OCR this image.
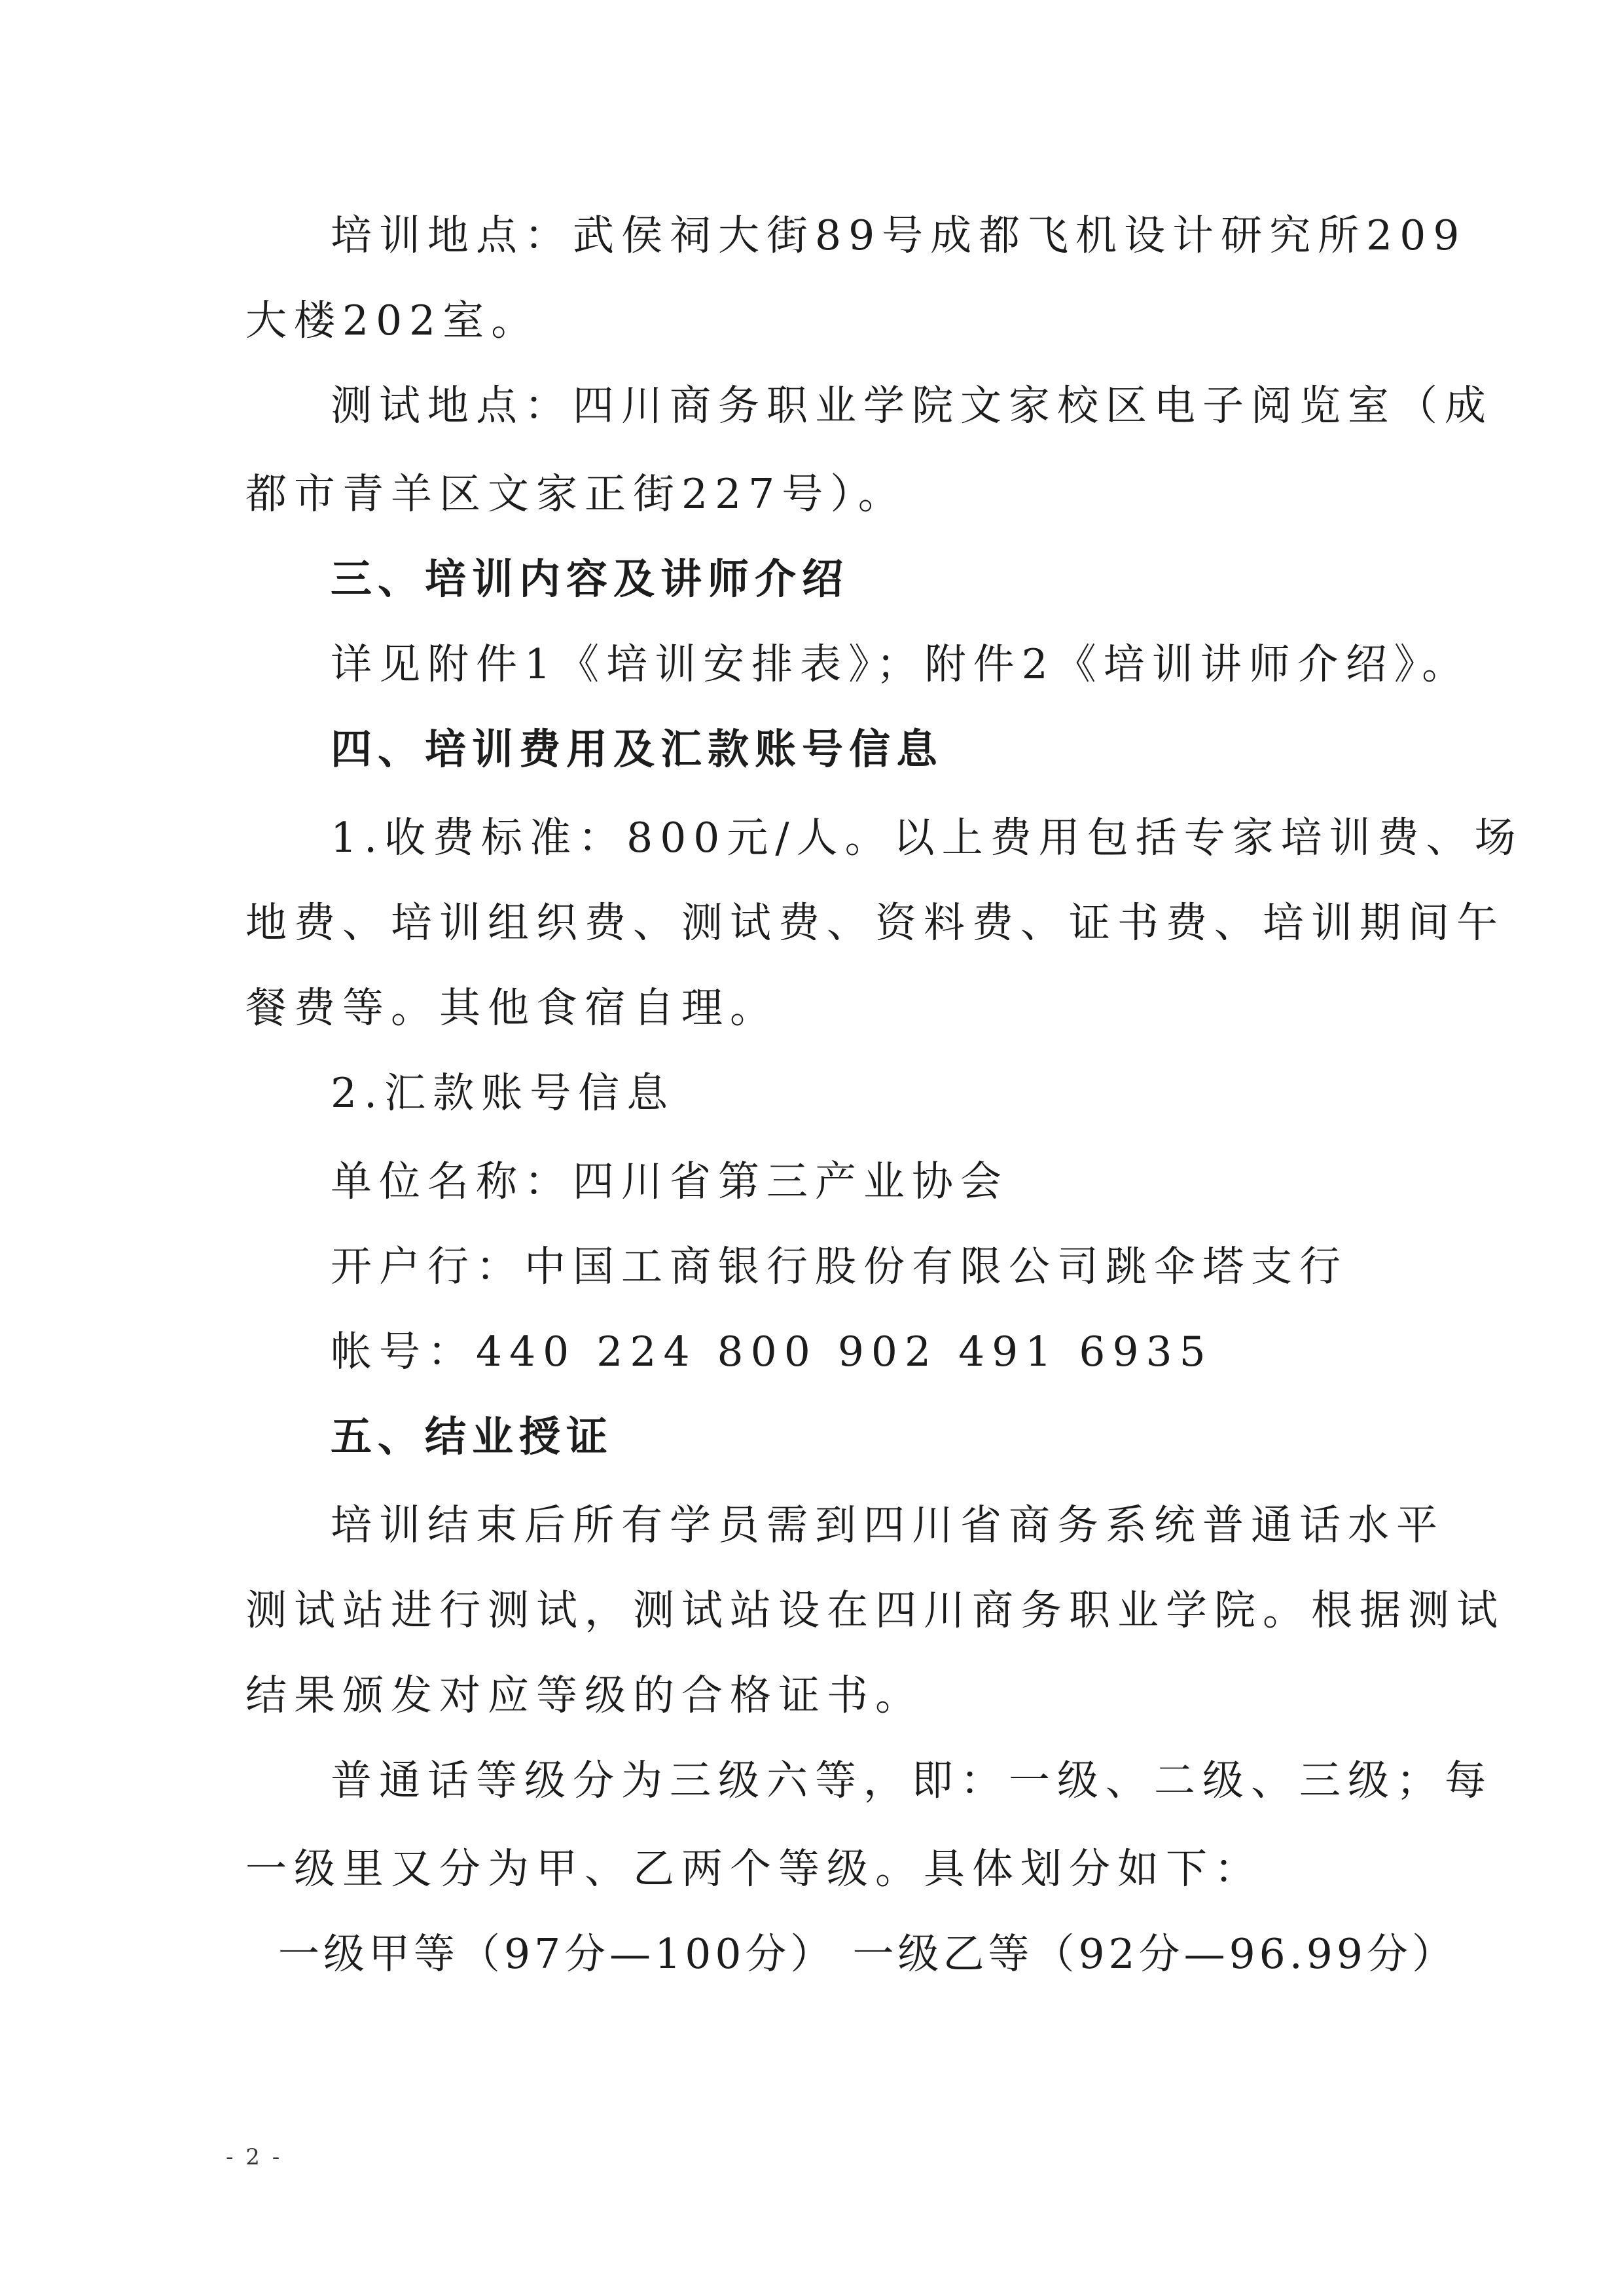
培训地点：武侯祠大街89号成都飞机设计研究所209
大楼202室。
测试地点：四川商务职业学院文家校区电子阅览室（成
都市青羊区文家正街227号）。
三、培训内容及讲师介绍
详见附件1《培训安排表》；附件2《培训讲师介绍》。
四、培训费用及汇款账号信息
1.收费标准：800元/人。以上费用包括专家培训费、场
地费、培训组织费、测试费、资料费、证书费、培训期间午
餐费等。其他食宿自理。
2.汇款账号信息
单位名称：四川省第三产业协会
开户行：中国工商银行股份有限公司跳伞塔支行
帐号：440 224 800 902 491 6935
五、结业授证
培训结束后所有学员需到四川省商务系统普通话水平
测试站进行测试，测试站设在四川商务职业学院。根据测试
结果颁发对应等级的合格证书。
普通话等级分为三级六等，即：一级、二级、三级；每
一级里又分为甲、乙两个等级。具体划分如下：
一级甲等（97分—100分） 一级乙等（92分—96.99分）
- 2 -
